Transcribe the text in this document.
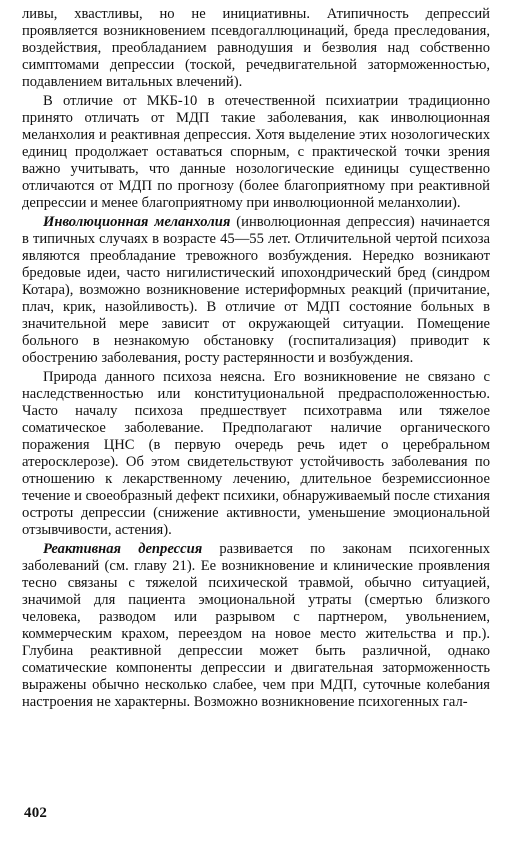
ливы, хвастливы, но не инициативны. Атипичность депрессий проявляется возникновением псевдогаллюцинаций, бреда преследования, воздействия, преобладанием равнодушия и безволия над собственно симптомами депрессии (тоской, речедвигательной заторможенностью, подавлением витальных влечений).

В отличие от МКБ-10 в отечественной психиатрии традиционно принято отличать от МДП такие заболевания, как инволюционная меланхолия и реактивная депрессия. Хотя выделение этих нозологических единиц продолжает оставаться спорным, с практической точки зрения важно учитывать, что данные нозологические единицы существенно отличаются от МДП по прогнозу (более благоприятному при реактивной депрессии и менее благоприятному при инволюционной меланхолии).

Инволюционная меланхолия (инволюционная депрессия) начинается в типичных случаях в возрасте 45—55 лет. Отличительной чертой психоза являются преобладание тревожного возбуждения. Нередко возникают бредовые идеи, часто нигилистический ипохондрический бред (синдром Котара), возможно возникновение истериформных реакций (причитание, плач, крик, назойливость). В отличие от МДП состояние больных в значительной мере зависит от окружающей ситуации. Помещение больного в незнакомую обстановку (госпитализация) приводит к обострению заболевания, росту растерянности и возбуждения.

Природа данного психоза неясна. Его возникновение не связано с наследственностью или конституциональной предрасположенностью. Часто началу психоза предшествует психотравма или тяжелое соматическое заболевание. Предполагают наличие органического поражения ЦНС (в первую очередь речь идет о церебральном атеросклерозе). Об этом свидетельствуют устойчивость заболевания по отношению к лекарственному лечению, длительное безремиссионное течение и своеобразный дефект психики, обнаруживаемый после стихания остроты депрессии (снижение активности, уменьшение эмоциональной отзывчивости, астения).

Реактивная депрессия развивается по законам психогенных заболеваний (см. главу 21). Ее возникновение и клинические проявления тесно связаны с тяжелой психической травмой, обычно ситуацией, значимой для пациента эмоциональной утраты (смертью близкого человека, разводом или разрывом с партнером, увольнением, коммерческим крахом, переездом на новое место жительства и пр.). Глубина реактивной депрессии может быть различной, однако соматические компоненты депрессии и двигательная заторможенность выражены обычно несколько слабее, чем при МДП, суточные колебания настроения не характерны. Возможно возникновение психогенных гал-

402
